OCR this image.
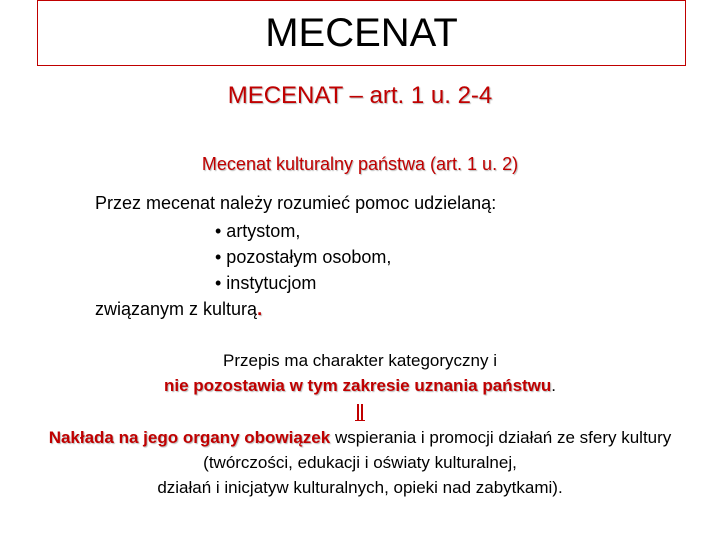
MECENAT
MECENAT – art. 1 u. 2-4
Mecenat kulturalny państwa (art. 1 u. 2)
Przez mecenat należy rozumieć pomoc udzielaną:
• artystom,
• pozostałym osobom,
• instytucjom
związanym z kulturą.
Przepis ma charakter kategoryczny i
nie pozostawia w tym zakresie uznania państwu.
Nakłada na jego organy obowiązek wspierania i promocji działań ze sfery kultury
(twórczości, edukacji i oświaty kulturalnej,
działań i inicjatyw kulturalnych, opieki nad zabytkami).
